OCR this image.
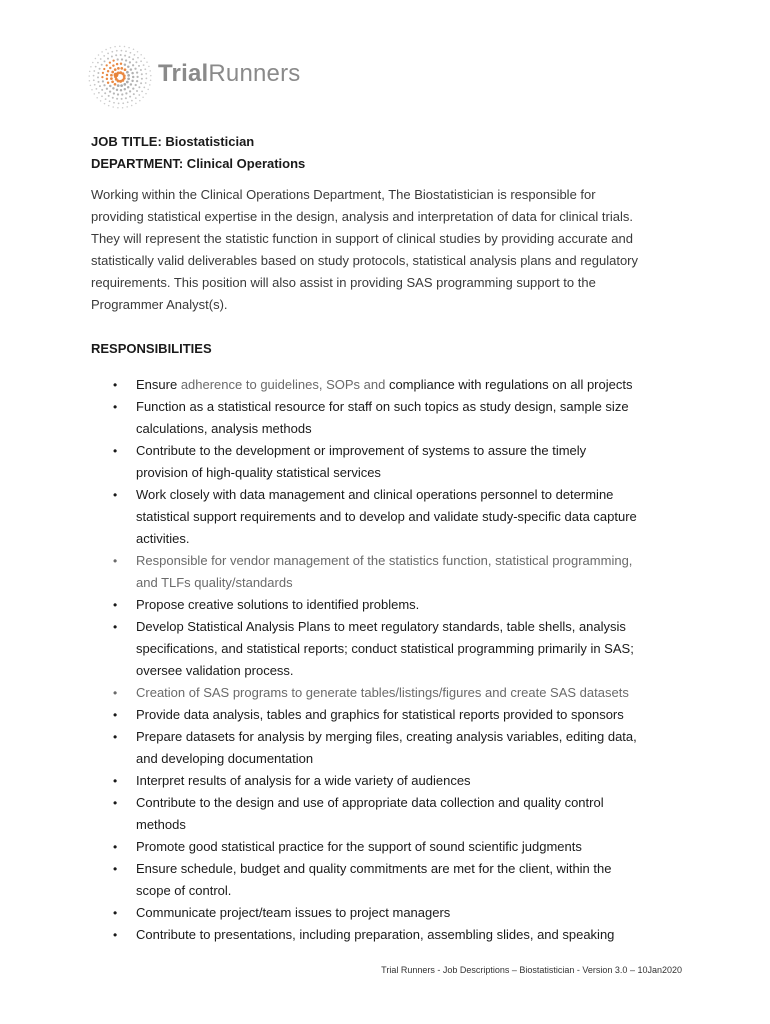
TrialRunners
JOB TITLE: Biostatistician
DEPARTMENT: Clinical Operations

Working within the Clinical Operations Department, The Biostatistician is responsible for
providing statistical expertise in the design, analysis and interpretation of data for clinical trials.
They will represent the statistic function in support of clinical studies by providing accurate and
statistically valid deliverables based on study protocols, statistical analysis plans and regulatory
requirements. This position will also assist in providing SAS programming support to the
Programmer Analyst(s).

RESPONSIBILITIES
• Ensure adherence to guidelines, SOPs and compliance with regulations on all projects
• Function as a statistical resource for staff on such topics as study design, sample size
calculations, analysis methods
• Contribute to the development or improvement of systems to assure the timely
provision of high-quality statistical services
• Work closely with data management and clinical operations personnel to determine
statistical support requirements and to develop and validate study-specific data capture
activities.
• Responsible for vendor management of the statistics function, statistical programming,
and TLFs quality/standards
• Propose creative solutions to identified problems.
• Develop Statistical Analysis Plans to meet regulatory standards, table shells, analysis
specifications, and statistical reports; conduct statistical programming primarily in SAS;
oversee validation process.
• Creation of SAS programs to generate tables/listings/figures and create SAS datasets
• Provide data analysis, tables and graphics for statistical reports provided to sponsors
• Prepare datasets for analysis by merging files, creating analysis variables, editing data,
and developing documentation
• Interpret results of analysis for a wide variety of audiences
• Contribute to the design and use of appropriate data collection and quality control
methods
• Promote good statistical practice for the support of sound scientific judgments
• Ensure schedule, budget and quality commitments are met for the client, within the
scope of control.
• Communicate project/team issues to project managers
• Contribute to presentations, including preparation, assembling slides, and speaking
Trial Runners - Job Descriptions – Biostatistician - Version 3.0 – 10Jan2020
